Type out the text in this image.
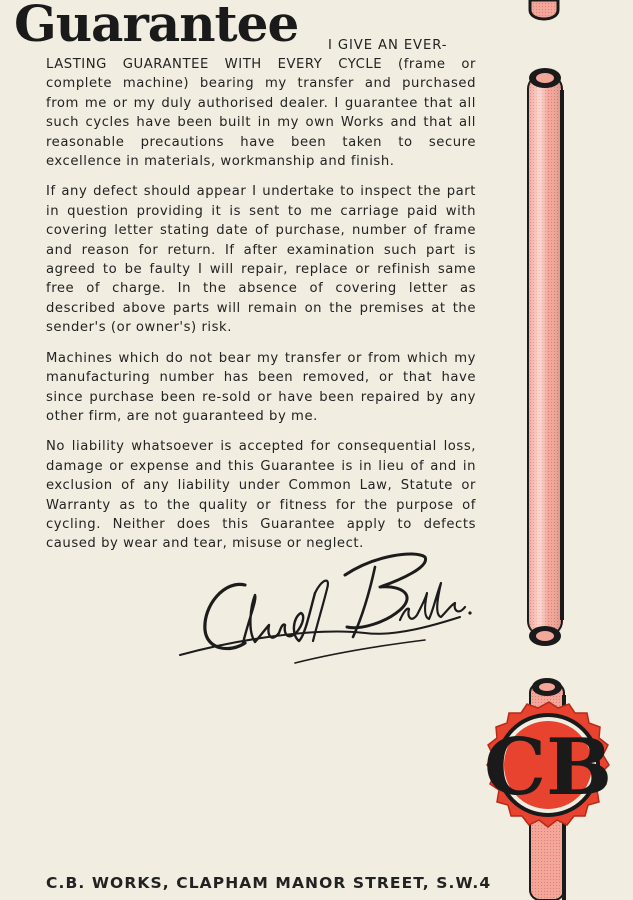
Guarantee I GIVE AN EVER-

LASTING GUARANTEE WITH EVERY CYCLE (frame or complete machine) bearing my transfer and purchased from me or my duly authorised dealer. I guarantee that all such cycles have been built in my own Works and that all reasonable precautions have been taken to secure excellence in materials, workmanship and finish.

If any defect should appear I undertake to inspect the part in question providing it is sent to me carriage paid with covering letter stating date of purchase, number of frame and reason for return. If after examination such part is agreed to be faulty I will repair, replace or refinish same free of charge. In the absence of covering letter as described above parts will remain on the premises at the sender's (or owner's) risk.

Machines which do not bear my transfer or from which my manufacturing number has been removed, or that have since purchase been re-sold or have been repaired by any other firm, are not guaranteed by me.

No liability whatsoever is accepted for consequential loss, damage or expense and this Guarantee is in lieu of and in exclusion of any liability under Common Law, Statute or Warranty as to the quality or fitness for the purpose of cycling. Neither does this Guarantee apply to defects caused by wear and tear, misuse or neglect.

CB
C.B. WORKS, CLAPHAM MANOR STREET, S.W.4
